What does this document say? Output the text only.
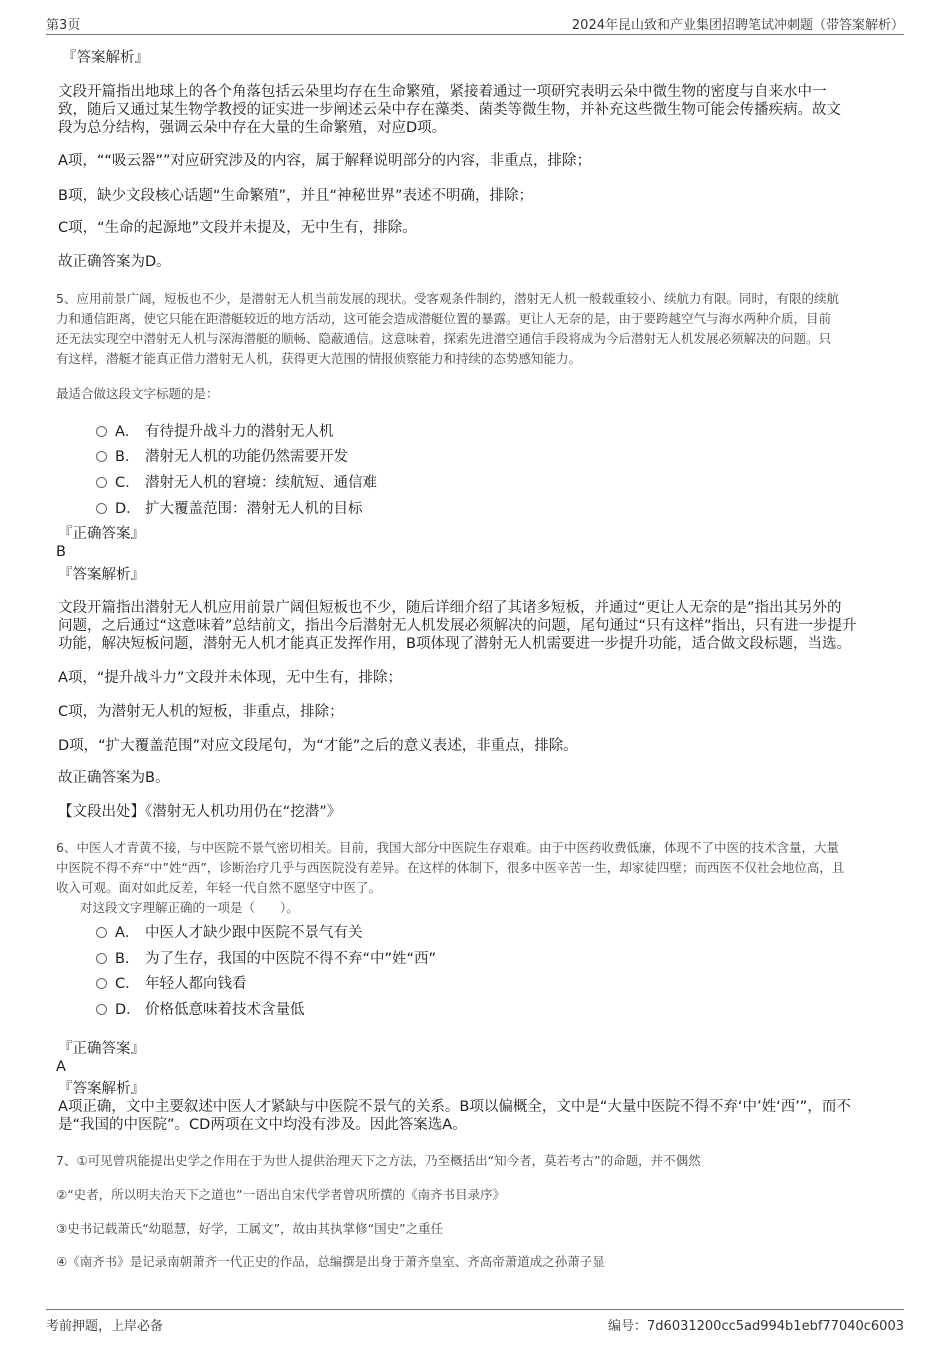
第3页	2024年昆山致和产业集团招聘笔试冲刺题（带答案解析）
『答案解析』
文段开篇指出地球上的各个角落包括云朵里均存在生命繁殖，紧接着通过一项研究表明云朵中微生物的密度与自来水中一
致，随后又通过某生物学教授的证实进一步阐述云朵中存在藻类、菌类等微生物，并补充这些微生物可能会传播疾病。故文
段为总分结构，强调云朵中存在大量的生命繁殖，对应D项。
A项，““吸云器””对应研究涉及的内容，属于解释说明部分的内容，非重点，排除；
B项，缺少文段核心话题“生命繁殖”，并且“神秘世界”表述不明确，排除；
C项，“生命的起源地”文段并未提及，无中生有，排除。
故正确答案为D。
5、应用前景广阔，短板也不少，是潜射无人机当前发展的现状。受客观条件制约，潜射无人机一般载重较小、续航力有限。同时，有限的续航
力和通信距离，使它只能在距潜艇较近的地方活动，这可能会造成潜艇位置的暴露。更让人无奈的是，由于要跨越空气与海水两种介质，目前
还无法实现空中潜射无人机与深海潜艇的顺畅、隐蔽通信。这意味着，探索先进潜空通信手段将成为今后潜射无人机发展必须解决的问题。只
有这样，潜艇才能真正借力潜射无人机，获得更大范围的情报侦察能力和持续的态势感知能力。
最适合做这段文字标题的是：
A． 有待提升战斗力的潜射无人机
B． 潜射无人机的功能仍然需要开发
C． 潜射无人机的窘境：续航短、通信难
D． 扩大覆盖范围：潜射无人机的目标
『正确答案』
B
『答案解析』
文段开篇指出潜射无人机应用前景广阔但短板也不少，随后详细介绍了其诸多短板，并通过“更让人无奈的是”指出其另外的
问题，之后通过“这意味着”总结前文，指出今后潜射无人机发展必须解决的问题，尾句通过“只有这样”指出，只有进一步提升
功能，解决短板问题，潜射无人机才能真正发挥作用，B项体现了潜射无人机需要进一步提升功能，适合做文段标题，当选。
A项，“提升战斗力”文段并未体现，无中生有，排除；
C项，为潜射无人机的短板，非重点，排除；
D项，“扩大覆盖范围”对应文段尾句，为“才能”之后的意义表述，非重点，排除。
故正确答案为B。
【文段出处】《潜射无人机功用仍在“挖潜”》
6、中医人才青黄不接，与中医院不景气密切相关。目前，我国大部分中医院生存艰难。由于中医药收费低廉，体现不了中医的技术含量，大量
中医院不得不弃“中”姓“西”，诊断治疗几乎与西医院没有差异。在这样的体制下，很多中医辛苦一生，却家徒四壁；而西医不仅社会地位高，且
收入可观。面对如此反差，年轻一代自然不愿坚守中医了。
对这段文字理解正确的一项是（　　）。
A． 中医人才缺少跟中医院不景气有关
B． 为了生存，我国的中医院不得不弃“中”姓“西”
C． 年轻人都向钱看
D． 价格低意味着技术含量低
『正确答案』
A
『答案解析』
A项正确，文中主要叙述中医人才紧缺与中医院不景气的关系。B项以偏概全，文中是“大量中医院不得不弃‘中’姓‘西’”，而不
是“我国的中医院”。CD两项在文中均没有涉及。因此答案选A。
7、①可见曾巩能提出史学之作用在于为世人提供治理天下之方法，乃至概括出“知今者，莫若考古”的命题，并不偶然
②“史者，所以明夫治天下之道也”一语出自宋代学者曾巩所撰的《南齐书目录序》
③史书记载萧氏“幼聪慧，好学，工属文”，故由其执掌修“国史”之重任
④《南齐书》是记录南朝萧齐一代正史的作品，总编撰是出身于萧齐皇室、齐高帝萧道成之孙萧子显
考前押题，上岸必备	编号：7d6031200cc5ad994b1ebf77040c6003
